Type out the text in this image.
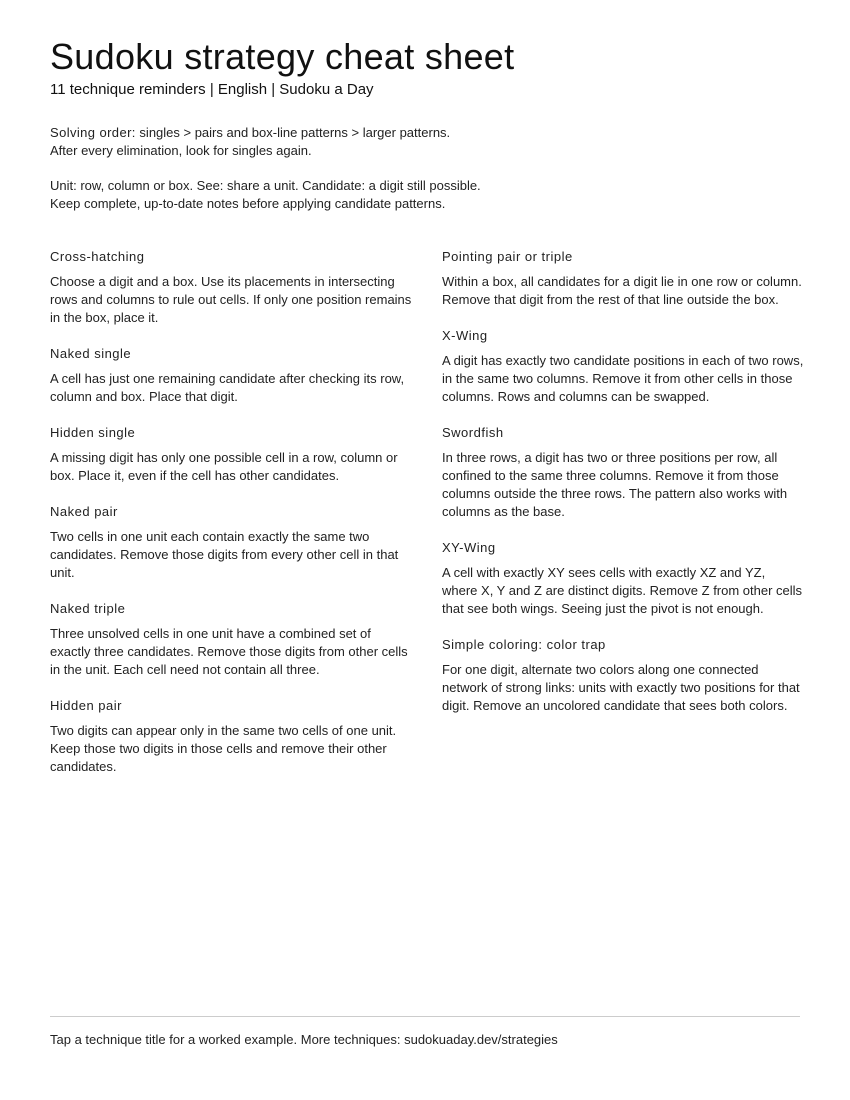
Sudoku strategy cheat sheet
11 technique reminders | English | Sudoku a Day

Solving order: singles > pairs and box-line patterns > larger patterns.
After every elimination, look for singles again.

Unit: row, column or box. See: share a unit. Candidate: a digit still possible.
Keep complete, up-to-date notes before applying candidate patterns.

Cross-hatching

Choose a digit and a box. Use its placements in intersecting rows and columns to rule out cells. If only one position remains in the box, place it.

Naked single

A cell has just one remaining candidate after checking its row, column and box. Place that digit.

Hidden single

A missing digit has only one possible cell in a row, column or box. Place it, even if the cell has other candidates.

Naked pair

Two cells in one unit each contain exactly the same two candidates. Remove those digits from every other cell in that unit.

Naked triple

Three unsolved cells in one unit have a combined set of exactly three candidates. Remove those digits from other cells in the unit. Each cell need not contain all three.

Hidden pair

Two digits can appear only in the same two cells of one unit. Keep those two digits in those cells and remove their other candidates.

Pointing pair or triple

Within a box, all candidates for a digit lie in one row or column. Remove that digit from the rest of that line outside the box.

X-Wing

A digit has exactly two candidate positions in each of two rows, in the same two columns. Remove it from other cells in those columns. Rows and columns can be swapped.

Swordfish

In three rows, a digit has two or three positions per row, all confined to the same three columns. Remove it from those columns outside the three rows. The pattern also works with columns as the base.

XY-Wing

A cell with exactly XY sees cells with exactly XZ and YZ, where X, Y and Z are distinct digits. Remove Z from other cells that see both wings. Seeing just the pivot is not enough.

Simple coloring: color trap

For one digit, alternate two colors along one connected network of strong links: units with exactly two positions for that digit. Remove an uncolored candidate that sees both colors.

Tap a technique title for a worked example. More techniques: sudokuaday.dev/strategies
